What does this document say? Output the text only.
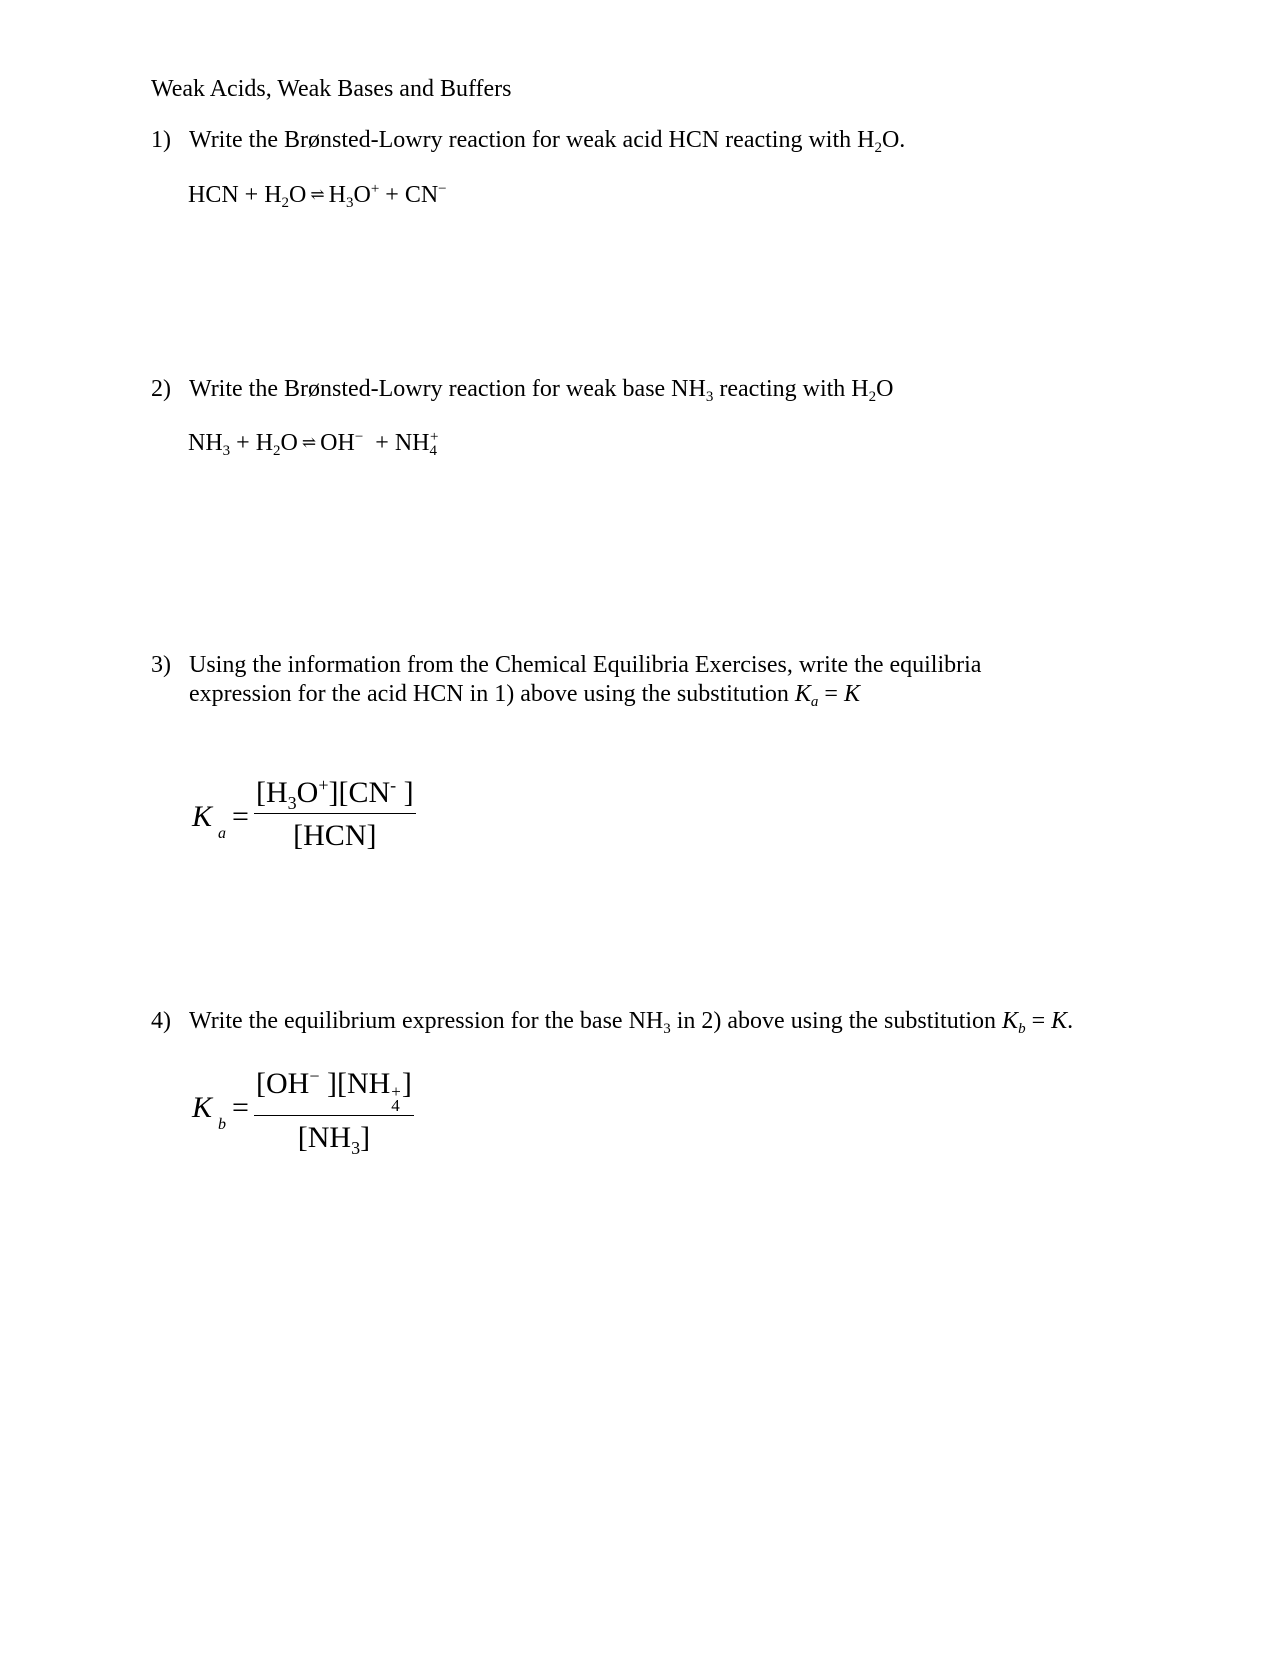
Weak Acids, Weak Bases and Buffers
1) Write the Brønsted-Lowry reaction for weak acid HCN reacting with $H_2O$.
HCN + $H_2O$ ⇌ $H_3O^+ + CN^-$
2) Write the Brønsted-Lowry reaction for weak base $NH_3$ reacting with $H_2O$
$NH_3 + H_2O$ ⇌ $OH^- + NH_4^+$
3) Using the information from the Chemical Equilibria Exercises, write the equilibria
expression for the acid HCN in 1) above using the substitution $K_a = K$
$K_a=$
$[H_3O^+][CN^-$ ]
[HCN]
4) Write the equilibrium expression for the base $NH_3$ in 2) above using the substitution $K_b = K$.
$K_b= [OH^-$ ][NH +
4
]
$[NH_3]$
